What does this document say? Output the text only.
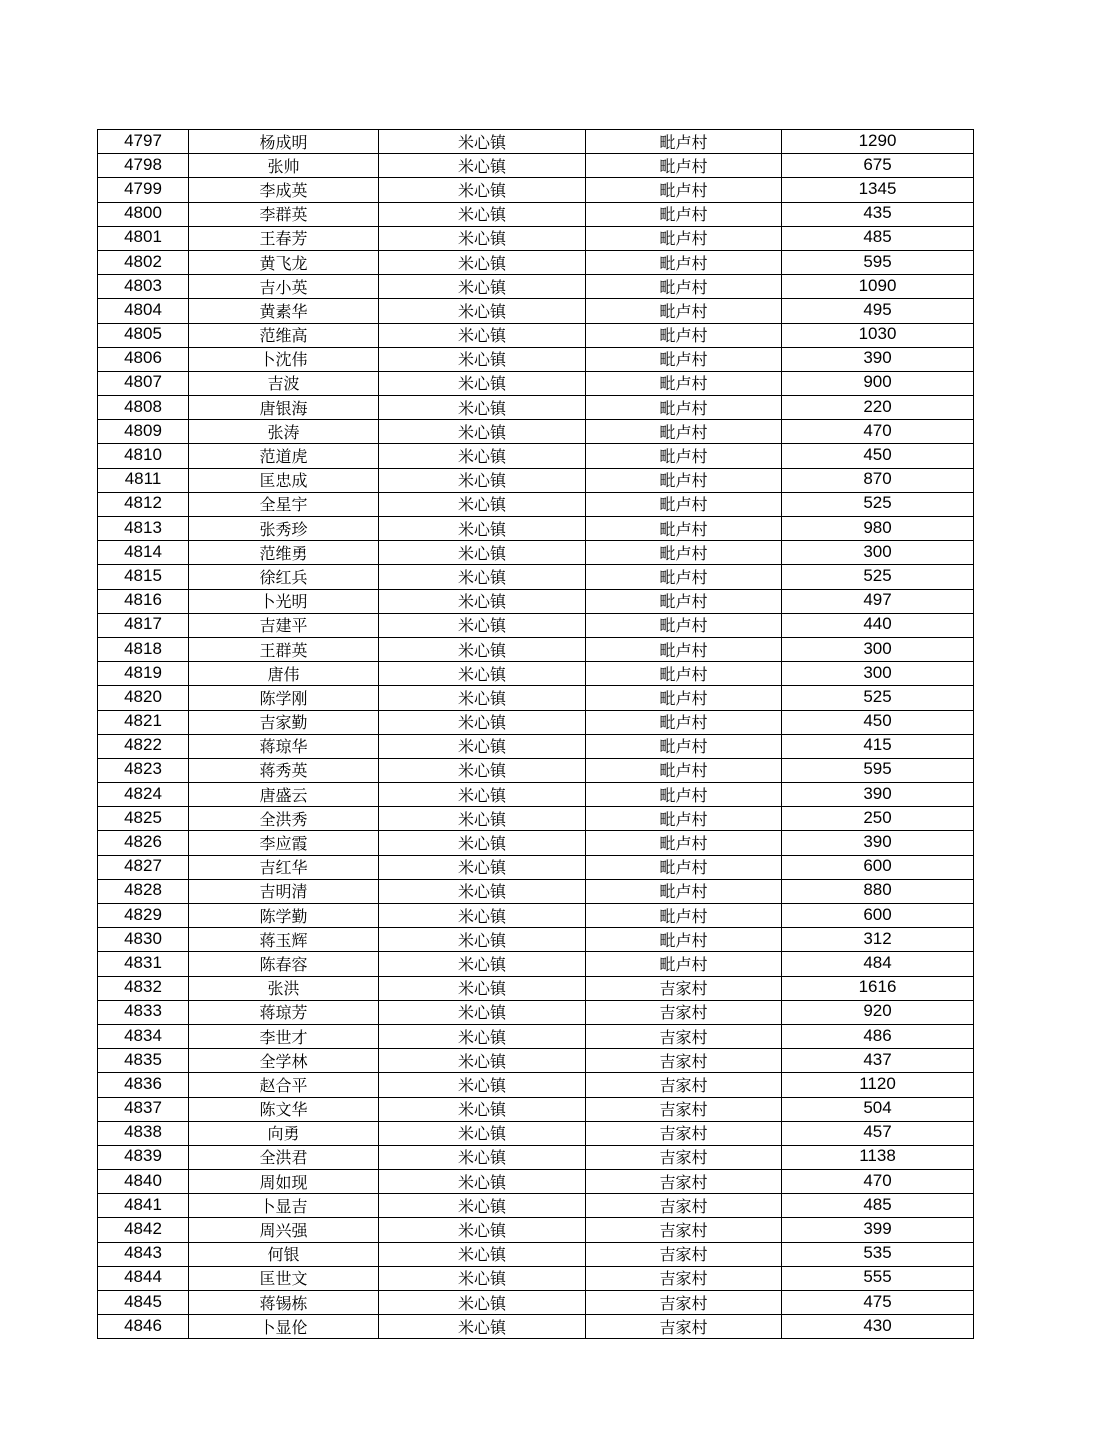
4797	杨成明	米心镇	毗卢村	1290
4798	张帅	米心镇	毗卢村	675
4799	李成英	米心镇	毗卢村	1345
4800	李群英	米心镇	毗卢村	435
4801	王春芳	米心镇	毗卢村	485
4802	黄飞龙	米心镇	毗卢村	595
4803	吉小英	米心镇	毗卢村	1090
4804	黄素华	米心镇	毗卢村	495
4805	范维高	米心镇	毗卢村	1030
4806	卜沈伟	米心镇	毗卢村	390
4807	吉波	米心镇	毗卢村	900
4808	唐银海	米心镇	毗卢村	220
4809	张涛	米心镇	毗卢村	470
4810	范道虎	米心镇	毗卢村	450
4811	匡忠成	米心镇	毗卢村	870
4812	全星宇	米心镇	毗卢村	525
4813	张秀珍	米心镇	毗卢村	980
4814	范维勇	米心镇	毗卢村	300
4815	徐红兵	米心镇	毗卢村	525
4816	卜光明	米心镇	毗卢村	497
4817	吉建平	米心镇	毗卢村	440
4818	王群英	米心镇	毗卢村	300
4819	唐伟	米心镇	毗卢村	300
4820	陈学刚	米心镇	毗卢村	525
4821	吉家勤	米心镇	毗卢村	450
4822	蒋琼华	米心镇	毗卢村	415
4823	蒋秀英	米心镇	毗卢村	595
4824	唐盛云	米心镇	毗卢村	390
4825	全洪秀	米心镇	毗卢村	250
4826	李应霞	米心镇	毗卢村	390
4827	吉红华	米心镇	毗卢村	600
4828	吉明清	米心镇	毗卢村	880
4829	陈学勤	米心镇	毗卢村	600
4830	蒋玉辉	米心镇	毗卢村	312
4831	陈春容	米心镇	毗卢村	484
4832	张洪	米心镇	吉家村	1616
4833	蒋琼芳	米心镇	吉家村	920
4834	李世才	米心镇	吉家村	486
4835	全学林	米心镇	吉家村	437
4836	赵合平	米心镇	吉家村	1120
4837	陈文华	米心镇	吉家村	504
4838	向勇	米心镇	吉家村	457
4839	全洪君	米心镇	吉家村	1138
4840	周如现	米心镇	吉家村	470
4841	卜显吉	米心镇	吉家村	485
4842	周兴强	米心镇	吉家村	399
4843	何银	米心镇	吉家村	535
4844	匡世文	米心镇	吉家村	555
4845	蒋锡栋	米心镇	吉家村	475
4846	卜显伦	米心镇	吉家村	430
